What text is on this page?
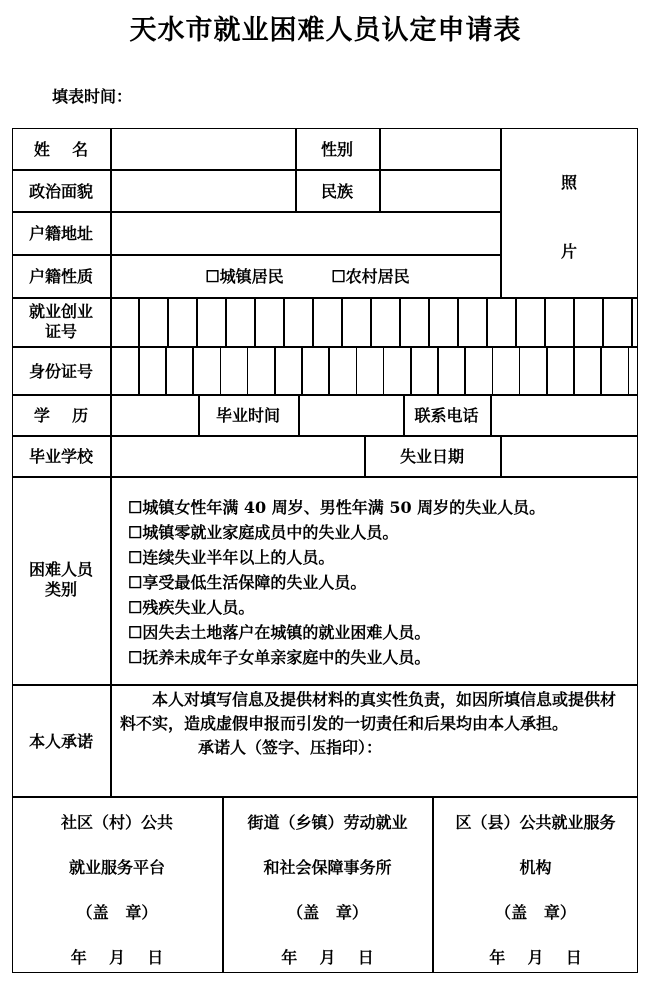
天水市就业困难人员认定申请表
填表时间：
姓    名	性别
照
片
政治面貌	民族
户籍地址
户籍性质	☐城镇居民	☐农村居民
就业创业
证号
身份证号
学    历	毕业时间	联系电话
毕业学校	失业日期
困难人员
类别
☐城镇女性年满 40 周岁、男性年满 50 周岁的失业人员。
☐城镇零就业家庭成员中的失业人员。
☐连续失业半年以上的人员。
☐享受最低生活保障的失业人员。
☐残疾失业人员。
☐因失去土地落户在城镇的就业困难人员。
☐抚养未成年子女单亲家庭中的失业人员。
本人承诺
本人对填写信息及提供材料的真实性负责，如因所填信息或提供材料不实，造成虚假申报而引发的一切责任和后果均由本人承担。
承诺人（签字、压指印）：
社区（村）公共
就业服务平台
（盖   章）
年    月    日
街道（乡镇）劳动就业
和社会保障事务所
（盖   章）
年    月    日
区（县）公共就业服务
机构
（盖   章）
年    月    日
